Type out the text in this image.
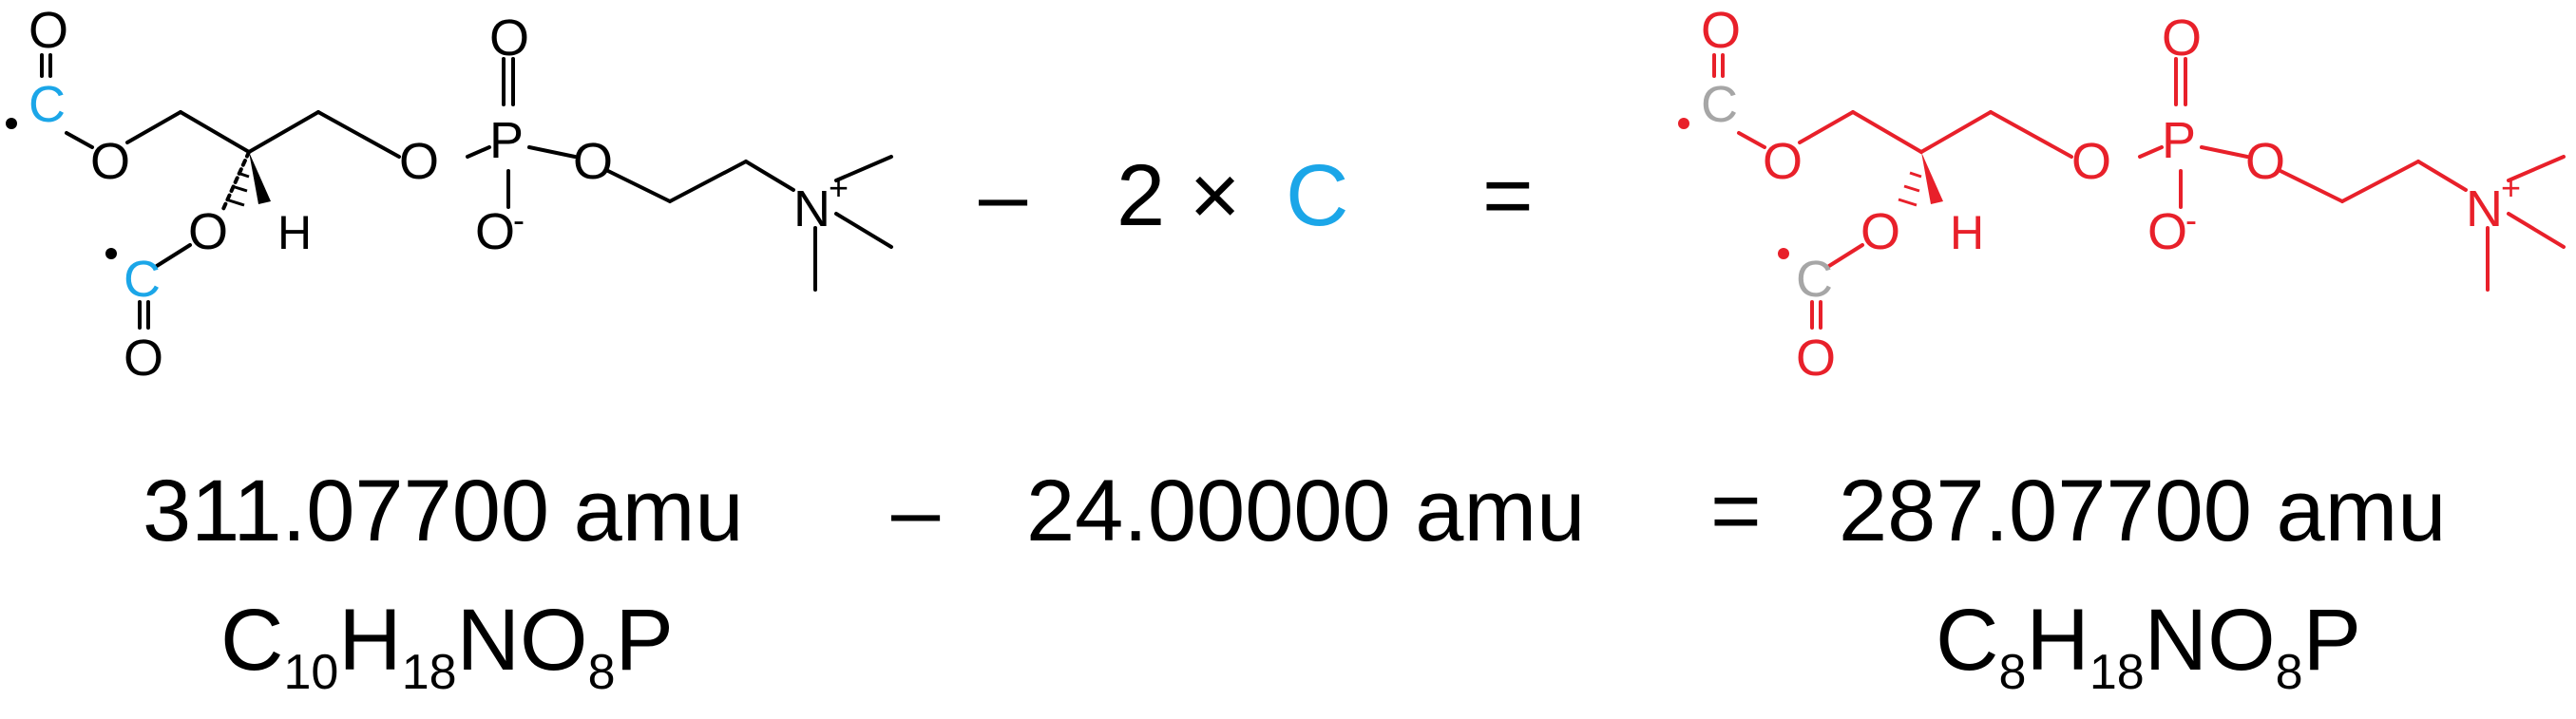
O
C
O
O H
C
O
O P
O
O
-
O
N
+ – 2 × C =
O
C
O
O H
C
O
O P
O
O
-
O
N
+
311.07700 amu – 24.00000 amu = 287.07700 amu
$C_{10}H_{18}NO_8P$	$C_8H_{18}NO_8P$
